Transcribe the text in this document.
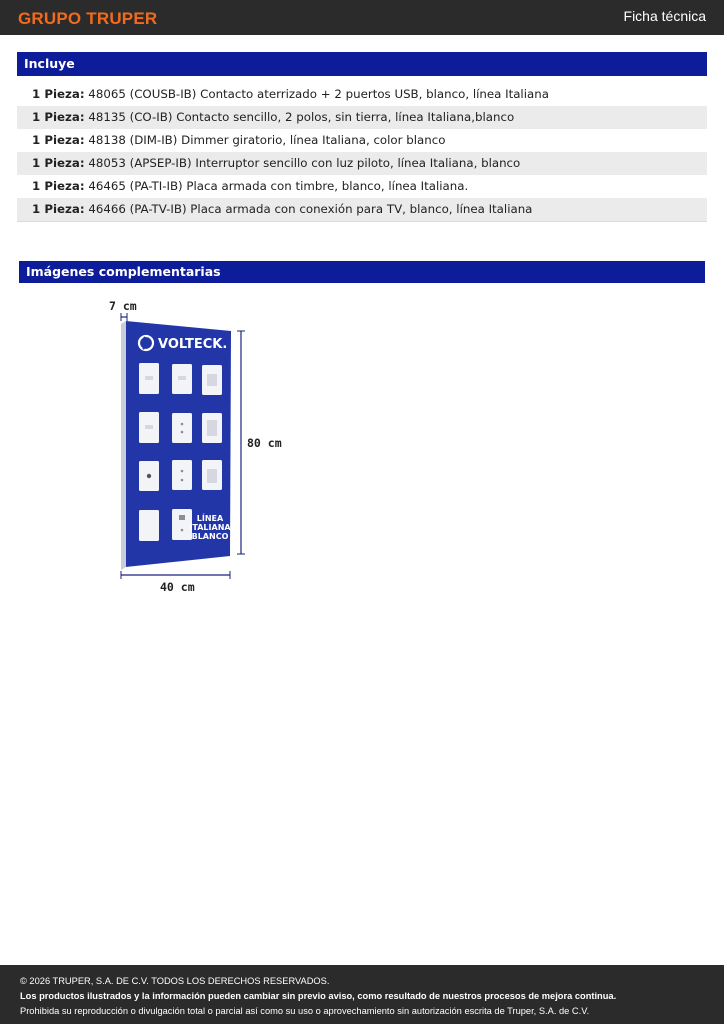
GRUPO TRUPER	Ficha técnica
Incluye
1 Pieza: 48065 (COUSB-IB) Contacto aterrizado + 2 puertos USB, blanco, línea Italiana
1 Pieza: 48135 (CO-IB) Contacto sencillo, 2 polos, sin tierra, línea Italiana,blanco
1 Pieza: 48138 (DIM-IB) Dimmer giratorio, línea Italiana, color blanco
1 Pieza: 48053 (APSEP-IB) Interruptor sencillo con luz piloto, línea Italiana, blanco
1 Pieza: 46465 (PA-TI-IB) Placa armada con timbre, blanco, línea Italiana.
1 Pieza: 46466 (PA-TV-IB) Placa armada con conexión para TV, blanco, línea Italiana
Imágenes complementarias
VOLTECK.
LÍNEA
ITALIANA
BLANCO
7 cm
80 cm
40 cm
© 2026 TRUPER, S.A. DE C.V. TODOS LOS DERECHOS RESERVADOS.
Los productos ilustrados y la información pueden cambiar sin previo aviso, como resultado de nuestros procesos de mejora continua.
Prohibida su reproducción o divulgación total o parcial así como su uso o aprovechamiento sin autorización escrita de Truper, S.A. de C.V.
